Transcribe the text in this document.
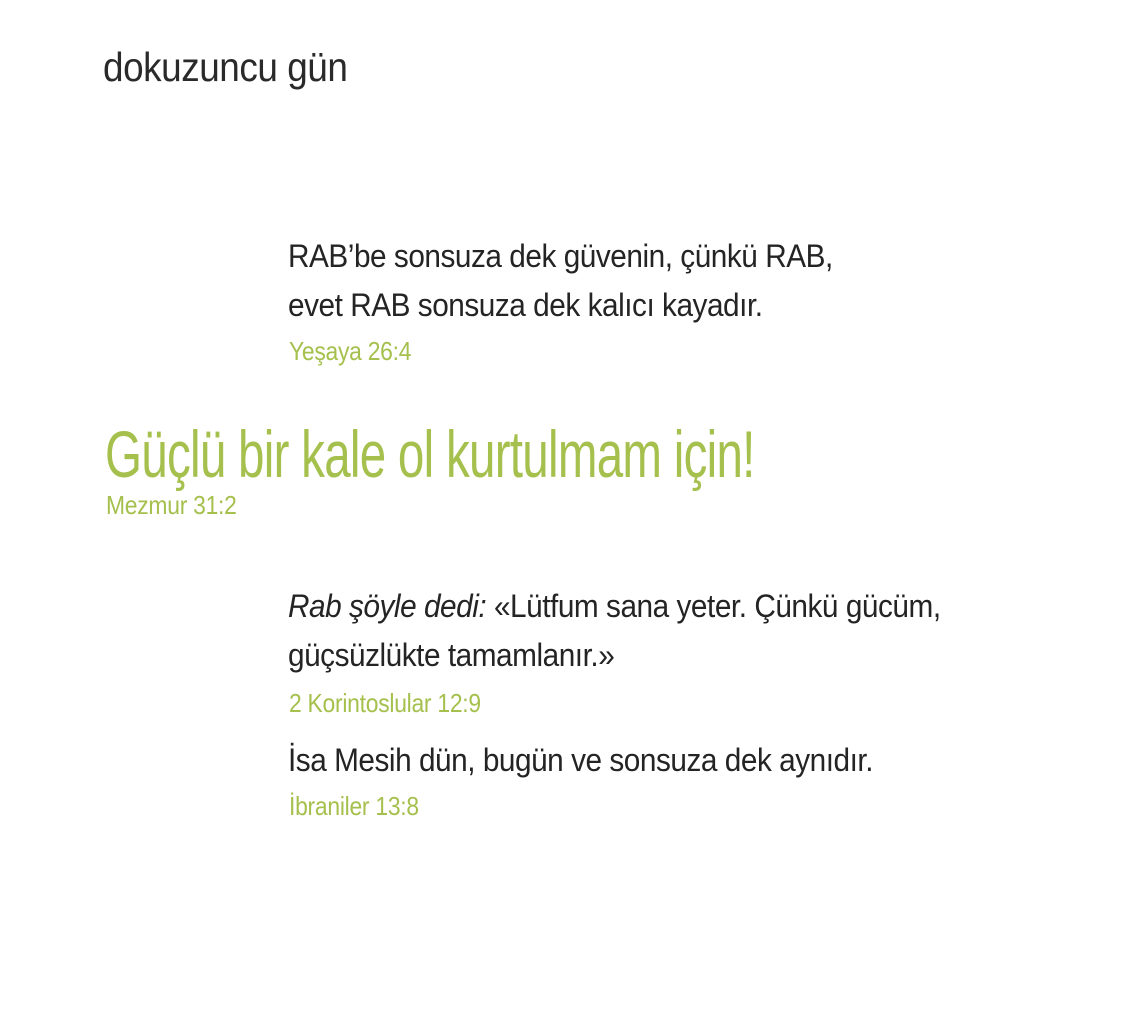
dokuzuncu gün
RAB’be sonsuza dek güvenin, çünkü RAB,
evet RAB sonsuza dek kalıcı kayadır.
Yeşaya 26:4
Güçlü bir kale ol kurtulmam için!
Mezmur 31:2
Rab şöyle dedi: «Lütfum sana yeter. Çünkü gücüm,
güçsüzlükte tamamlanır.»
2 Korintoslular 12:9
İsa Mesih dün, bugün ve sonsuza dek aynıdır.
İbraniler 13:8
